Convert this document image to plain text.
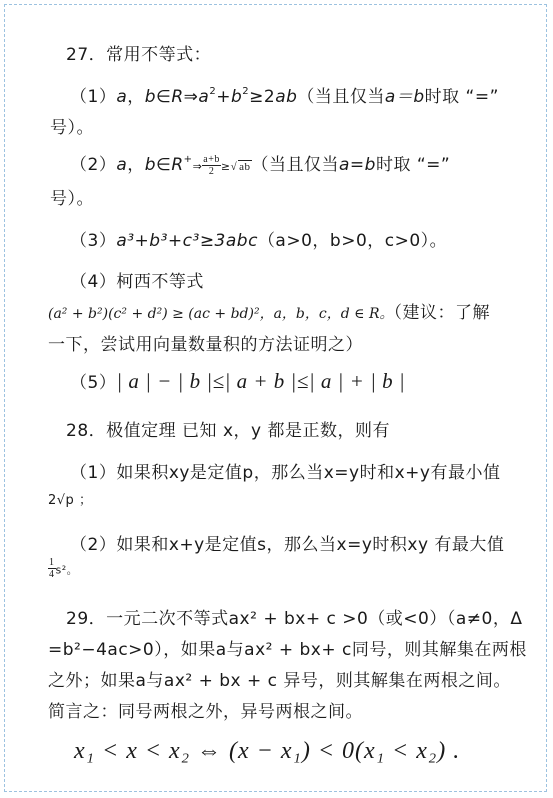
27．常用不等式：
（1）a，$b\in R\Rightarrow a^2+b^2\ge 2ab$（当且仅当a＝b时取 “=”
号）。
（2）a，b∈R+⇒ $\frac{a+b}{2}$ ≥√ ab（当且仅当a=b时取 “=”
号）。
（3）a³+b³+c³≥3abc（a>0，b>0，c>0）。
（4）柯西不等式
(a² + b²)(c² + d²) ≥ (ac + bd)²，a，b，c，d ∈ R。（建议：了解
一下，尝试用向量数量积的方法证明之）
（5）| a | − | b |≤| a + b |≤| a | + | b |
28．极值定理 已知 x，y 都是正数，则有
（1）如果积xy是定值p，那么当x=y时和x+y有最小值
2√p ；
（2）如果和x+y是定值s，那么当x=y时积xy 有最大值
$\frac{1}{4} s^2$。
29．一元二次不等式ax² + bx+ c >0（或<0）（a≠0，Δ
=b²−4ac>0），如果a与ax² + bx+ c同号，则其解集在两根
之外；如果a与ax² + bx + c 异号，则其解集在两根之间。
简言之：同号两根之外，异号两根之间。
x₁ < x < x₂ ⇔ (x − x₁) < 0(x₁ < x₂) .
